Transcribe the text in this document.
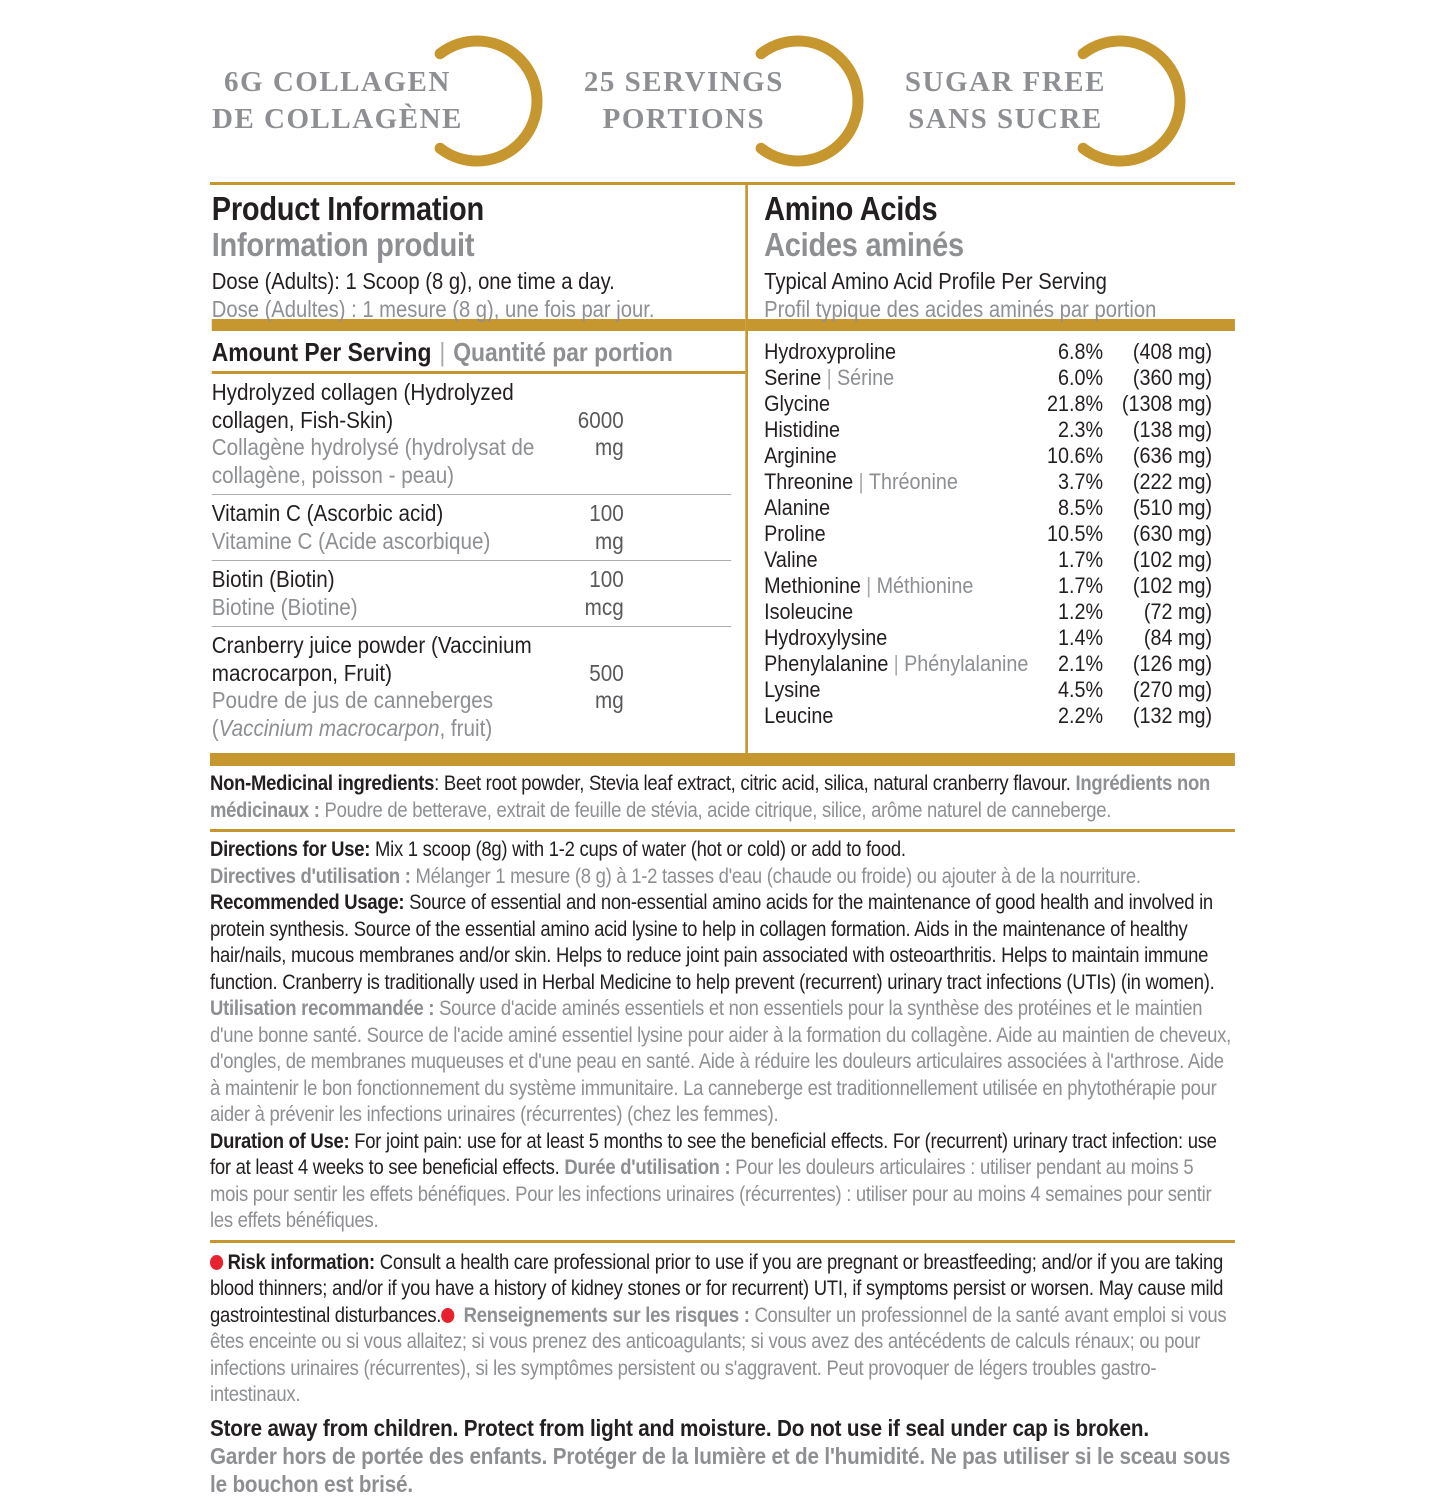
6G COLLAGEN
DE COLLAGÈNE
25 SERVINGS
PORTIONS
SUGAR FREE
SANS SUCRE
Product Information
Information produit
Dose (Adults): 1 Scoop (8 g), one time a day.
Dose (Adultes) : 1 mesure (8 g), une fois par jour.
Amount Per Serving | Quantité par portion
Hydrolyzed collagen (Hydrolyzed collagen, Fish-Skin)
Collagène hydrolysé (hydrolysat de collagène, poisson - peau)
6000 mg
Vitamin C (Ascorbic acid)
Vitamine C (Acide ascorbique)
100 mg
Biotin (Biotin)
Biotine (Biotine)
100 mcg
Cranberry juice powder (Vaccinium macrocarpon, Fruit)
Poudre de jus de canneberges (Vaccinium macrocarpon, fruit)
500 mg
Amino Acids
Acides aminés
Typical Amino Acid Profile Per Serving
Profil typique des acides aminés par portion
Hydroxyproline	6.8%	(408 mg)
Serine | Sérine	6.0%	(360 mg)
Glycine	21.8% (1308 mg)
Histidine	2.3%	(138 mg)
Arginine	10.6%	(636 mg)
Threonine | Thréonine	3.7%	(222 mg)
Alanine	8.5%	(510 mg)
Proline	10.5%	(630 mg)
Valine	1.7%	(102 mg)
Methionine | Méthionine	1.7%	(102 mg)
Isoleucine	1.2%	(72 mg)
Hydroxylysine	1.4%	(84 mg)
Phenylalanine | Phénylalanine	2.1%	(126 mg)
Lysine	4.5%	(270 mg)
Leucine	2.2%	(132 mg)

Non-Medicinal ingredients: Beet root powder, Stevia leaf extract, citric acid, silica, natural cranberry flavour. Ingrédients non médicinaux : Poudre de betterave, extrait de feuille de stévia, acide citrique, silice, arôme naturel de canneberge.

Directions for Use: Mix 1 scoop (8g) with 1-2 cups of water (hot or cold) or add to food.

Directives d'utilisation : Mélanger 1 mesure (8 g) à 1-2 tasses d'eau (chaude ou froide) ou ajouter à de la nourriture.

Recommended Usage: Source of essential and non-essential amino acids for the maintenance of good health and involved in protein synthesis. Source of the essential amino acid lysine to help in collagen formation. Aids in the maintenance of healthy hair/nails, mucous membranes and/or skin. Helps to reduce joint pain associated with osteoarthritis. Helps to maintain immune function. Cranberry is traditionally used in Herbal Medicine to help prevent (recurrent) urinary tract infections (UTIs) (in women).

Utilisation recommandée : Source d'acide aminés essentiels et non essentiels pour la synthèse des protéines et le maintien d'une bonne santé. Source de l'acide aminé essentiel lysine pour aider à la formation du collagène. Aide au maintien de cheveux, d'ongles, de membranes muqueuses et d'une peau en santé. Aide à réduire les douleurs articulaires associées à l'arthrose. Aide à maintenir le bon fonctionnement du système immunitaire. La canneberge est traditionnellement utilisée en phytothérapie pour aider à prévenir les infections urinaires (récurrentes) (chez les femmes).

Duration of Use: For joint pain: use for at least 5 months to see the beneficial effects. For (recurrent) urinary tract infection: use for at least 4 weeks to see beneficial effects. Durée d'utilisation : Pour les douleurs articulaires : utiliser pendant au moins 5 mois pour sentir les effets bénéfiques. Pour les infections urinaires (récurrentes) : utiliser pour au moins 4 semaines pour sentir les effets bénéfiques.

Risk information: Consult a health care professional prior to use if you are pregnant or breastfeeding; and/or if you are taking blood thinners; and/or if you have a history of kidney stones or for recurrent) UTI, if symptoms persist or worsen. May cause mild gastrointestinal disturbances. Renseignements sur les risques : Consulter un professionnel de la santé avant emploi si vous êtes enceinte ou si vous allaitez; si vous prenez des anticoagulants; si vous avez des antécédents de calculs rénaux; ou pour infections urinaires (récurrentes), si les symptômes persistent ou s'aggravent. Peut provoquer de légers troubles gastro-intestinaux.

Store away from children. Protect from light and moisture. Do not use if seal under cap is broken.

Garder hors de portée des enfants. Protéger de la lumière et de l'humidité. Ne pas utiliser si le sceau sous le bouchon est brisé.
